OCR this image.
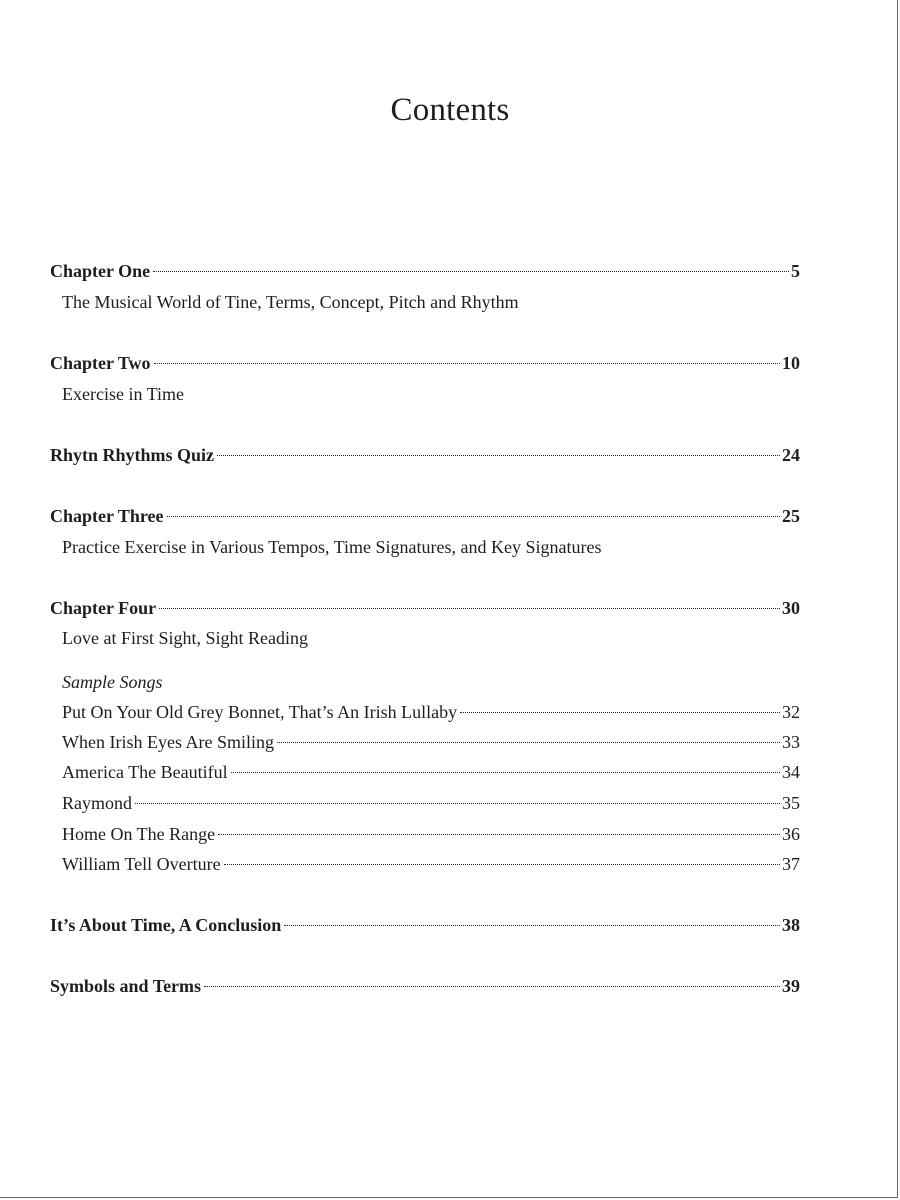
Contents
Chapter One	5
The Musical World of Tine, Terms, Concept, Pitch and Rhythm
Chapter Two	10
Exercise in Time
Rhytn Rhythms Quiz	24
Chapter Three	25
Practice Exercise in Various Tempos, Time Signatures, and Key Signatures
Chapter Four	30
Love at First Sight, Sight Reading
Sample Songs
Put On Your Old Grey Bonnet, That’s An Irish Lullaby	32
When Irish Eyes Are Smiling	33
America The Beautiful	34
Raymond	35
Home On The Range	36
William Tell Overture	37
It’s About Time, A Conclusion	38
Symbols and Terms	39
